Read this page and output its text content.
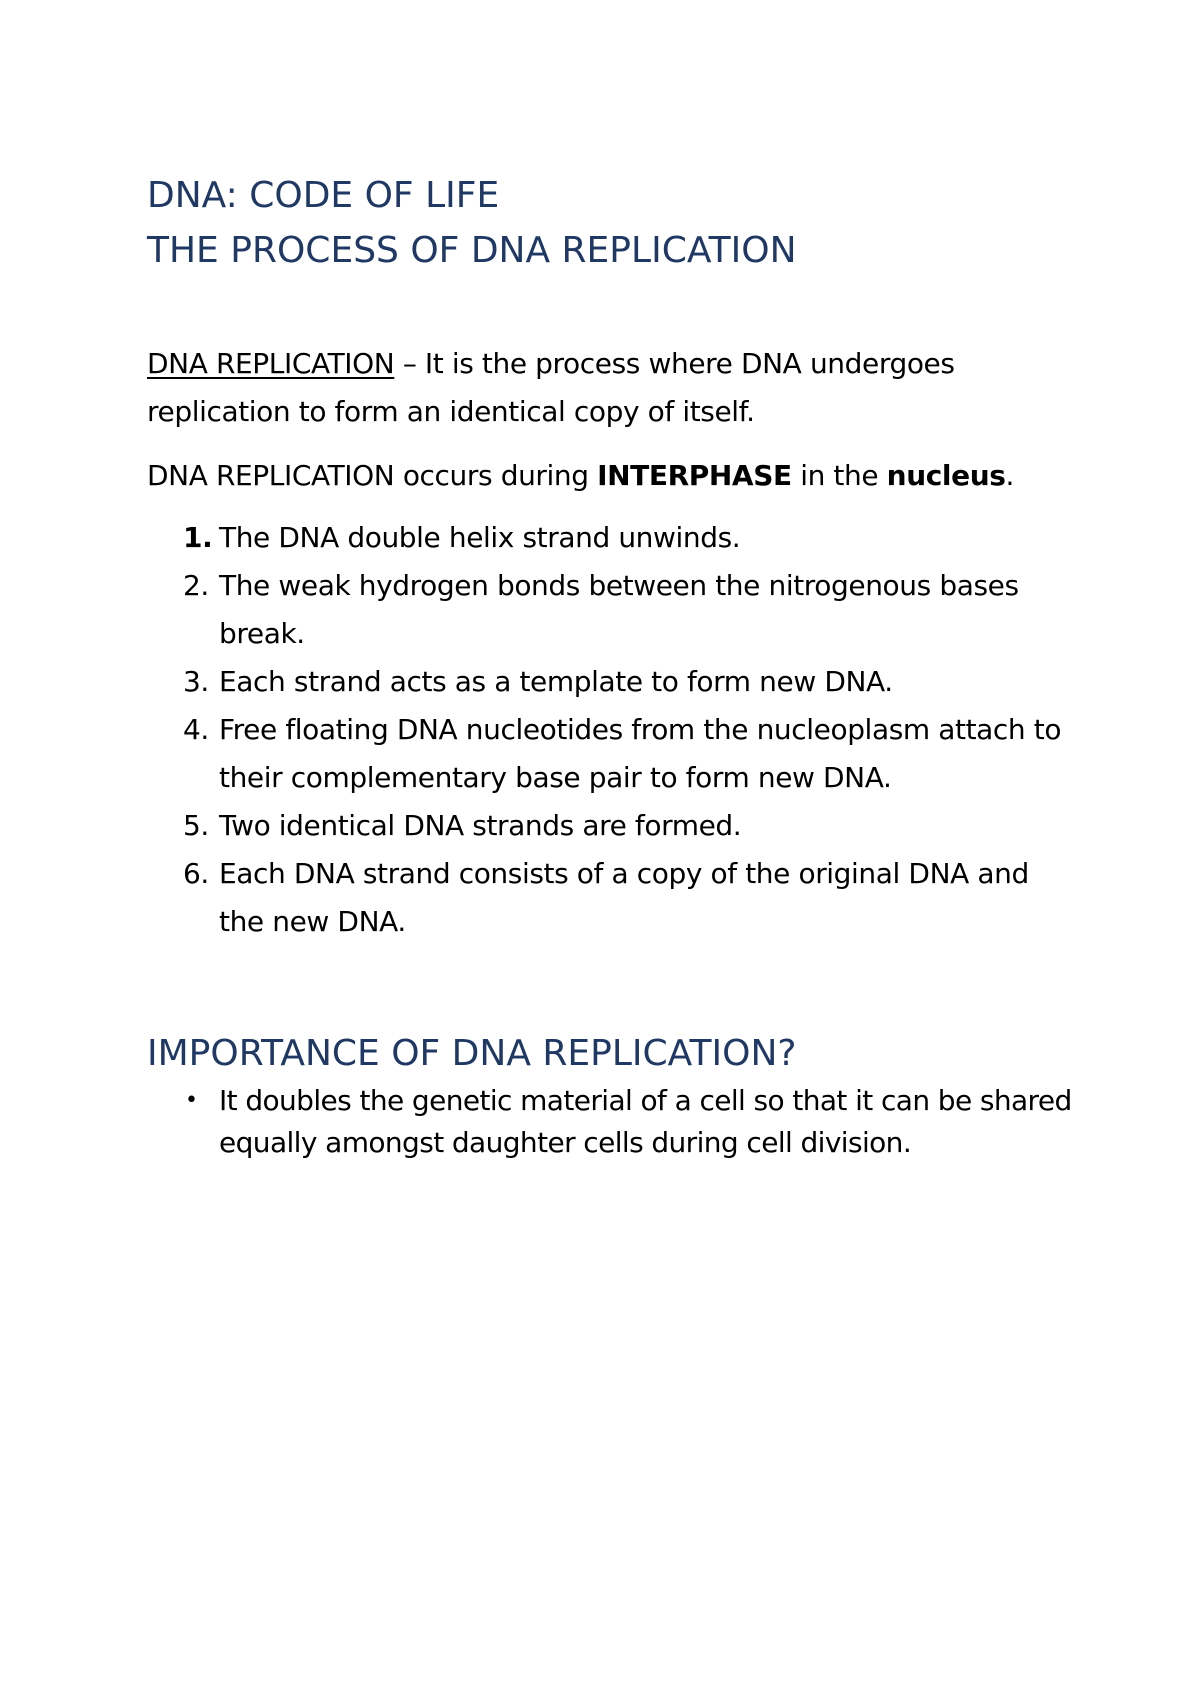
DNA: CODE OF LIFE
THE PROCESS OF DNA REPLICATION

DNA REPLICATION – It is the process where DNA undergoes replication to form an identical copy of itself.

DNA REPLICATION occurs during INTERPHASE in the nucleus.

1. The DNA double helix strand unwinds.
2. The weak hydrogen bonds between the nitrogenous bases break.
3. Each strand acts as a template to form new DNA.
4. Free floating DNA nucleotides from the nucleoplasm attach to their complementary base pair to form new DNA.
5. Two identical DNA strands are formed.
6. Each DNA strand consists of a copy of the original DNA and the new DNA.
IMPORTANCE OF DNA REPLICATION?
• It doubles the genetic material of a cell so that it can be shared equally amongst daughter cells during cell division.
